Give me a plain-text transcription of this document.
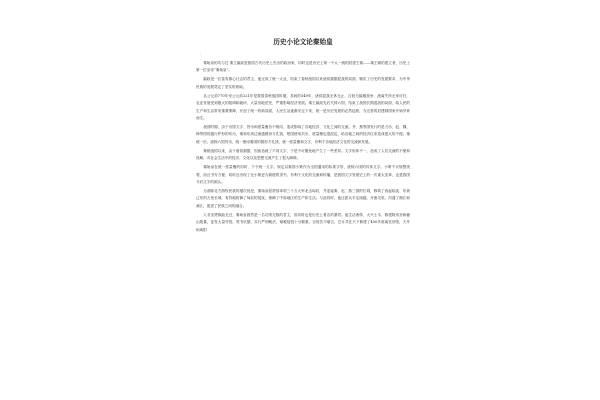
历史小论文论秦始皇
·

秦始皇的功与过 秦王嬴政是我国古代历史上杰出的政治家，同时也是历史上第一个大一统的封建王朝——秦王朝的建立者，历史上第一位皇帝“秦始皇”。

嬴政是一位富有雄心壮志的君主，他完成了统一大业，结束了春秋战国以来诸侯割据混战的局面，顺应了历史的发展要求，为中华民族的发展奠定了坚实的基础。

从公元前770年至公元前221年是我国春秋战国时期，其间的549年，诸侯混战无休无止，百姓为躲避战争、流离失所无家可归，农业发展受到极大的阻碍和破坏，大量田地荒芜，严重影响经济发展。秦王嬴政先后灭掉六国，结束了战国长期混战的局面，给人民的生产和生活带来重要保障，开创了统一的新局面，人民生活逐渐安定下来，统一是历史发展的必然趋势，为完善的封建制国家开始孕育而生。

战国时期，由于各国文字、货币和度量衡各不相同，造成影响了各地经济、文化之间的交流。齐、燕等国发行的是刀币，赵、魏、韩等国则通行铲形的布币，秦和东周边流通圆形方孔钱，楚国使用贝币，度量衡也很混乱，给各地之间的经济往来造成很大的不便。秦统一后，废除六国货币，统一使用秦国的圆形方孔钱，统一度量衡和文字，有利于各地经济文化的交流和发展。

秦统战国以来，由于诸侯割据，因而造就了不同文字，于是不可避免地产生了一些差异。文字形体不一，造成了人们交流的不便和误解，对社会生活中的经济、文化以及思想交流产生了很大障碍。

秦始皇在统一度量衡的同时，下令统一文字。规定以秦国小篆作为全国通用的标准字形，废除六国的异体文字。小篆不仅规整美观，而且书写方便，同时还出现了比小篆更为简便的隶书，有利于文化的交流和传播，是我国文字发展史上的一次重大变革，也是我国今后文字的源头。

为消除北方游牧民族的屡次侵犯，秦始皇派蒙恬率领三十万大军北击匈奴，并连接秦、赵、燕三国的长城，修筑了西起临洮、东到辽东的万里长城，有效地防御了匈奴的侵扰，保障了中原地区的生产和生活。与此同时，他还派兵平定南越，开凿灵渠，沟通了湘江和漓江，促进了民族之间的融合。

人非圣贤孰能无过，秦始皇固然是一名功绩无数的君主，但同时也是历史上著名的暴君。他生活奢侈，大兴土木，修建阿房宫和骊山陵墓，征发大量劳役，焚书坑儒，实行严刑峻法，赋税徭役十分繁重，百姓苦不堪言，总计共在天下修建了400多座离宫别馆，天外和咸阳
